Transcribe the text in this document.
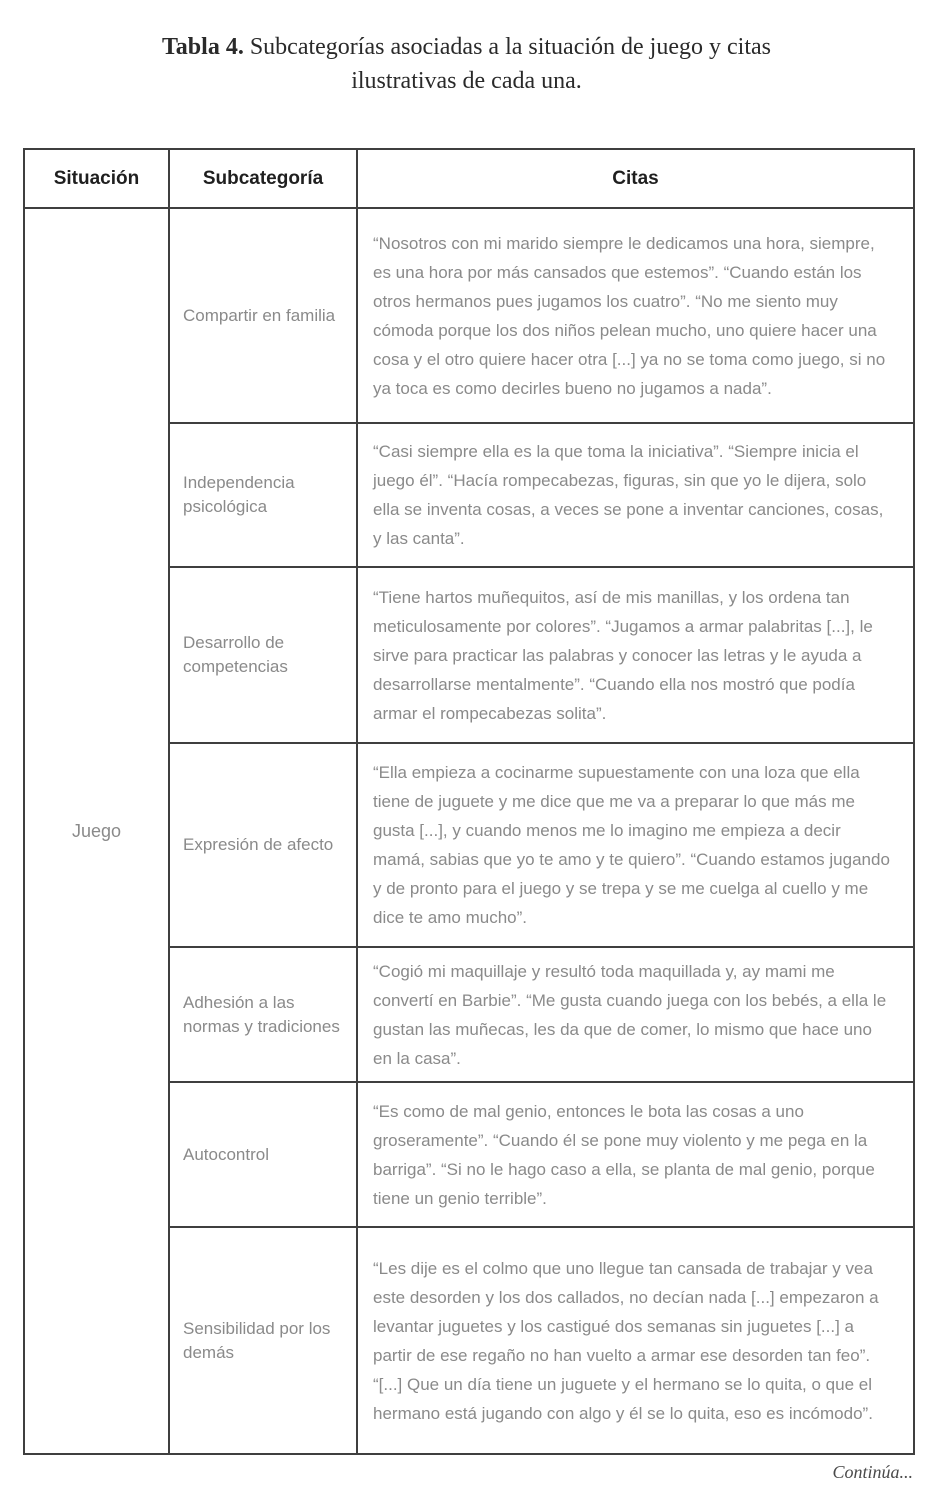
Tabla 4. Subcategorías asociadas a la situación de juego y citas ilustrativas de cada una.
Situación	Subcategoría	Citas
Juego	Compartir en familia	“Nosotros con mi marido siempre le dedicamos una hora, siempre, es una hora por más cansados que estemos”. “Cuando están los otros hermanos pues jugamos los cuatro”. “No me siento muy cómoda porque los dos niños pelean mucho, uno quiere hacer una cosa y el otro quiere hacer otra [...] ya no se toma como juego, si no ya toca es como decirles bueno no jugamos a nada”.
	Independencia psicológica	“Casi siempre ella es la que toma la iniciativa”. “Siempre inicia el juego él”. “Hacía rompecabezas, figuras, sin que yo le dijera, solo ella se inventa cosas, a veces se pone a inventar canciones, cosas, y las canta”.
	Desarrollo de competencias	“Tiene hartos muñequitos, así de mis manillas, y los ordena tan meticulosamente por colores”. “Jugamos a armar palabritas [...], le sirve para practicar las palabras y conocer las letras y le ayuda a desarrollarse mentalmente”. “Cuando ella nos mostró que podía armar el rompecabezas solita”.
	Expresión de afecto	“Ella empieza a cocinarme supuestamente con una loza que ella tiene de juguete y me dice que me va a preparar lo que más me gusta [...], y cuando menos me lo imagino me empieza a decir mamá, sabias que yo te amo y te quiero”. “Cuando estamos jugando y de pronto para el juego y se trepa y se me cuelga al cuello y me dice te amo mucho”.
	Adhesión a las normas y tradiciones	“Cogió mi maquillaje y resultó toda maquillada y, ay mami me convertí en Barbie”. “Me gusta cuando juega con los bebés, a ella le gustan las muñecas, les da que de comer, lo mismo que hace uno en la casa”.
	Autocontrol	“Es como de mal genio, entonces le bota las cosas a uno groseramente”. “Cuando él se pone muy violento y me pega en la barriga”. “Si no le hago caso a ella, se planta de mal genio, porque tiene un genio terrible”.
	Sensibilidad por los demás	“Les dije es el colmo que uno llegue tan cansada de trabajar y vea este desorden y los dos callados, no decían nada [...] empezaron a levantar juguetes y los castigué dos semanas sin juguetes [...] a partir de ese regaño no han vuelto a armar ese desorden tan feo”. “[...] Que un día tiene un juguete y el hermano se lo quita, o que el hermano está jugando con algo y él se lo quita, eso es incómodo”.
Continúa...
